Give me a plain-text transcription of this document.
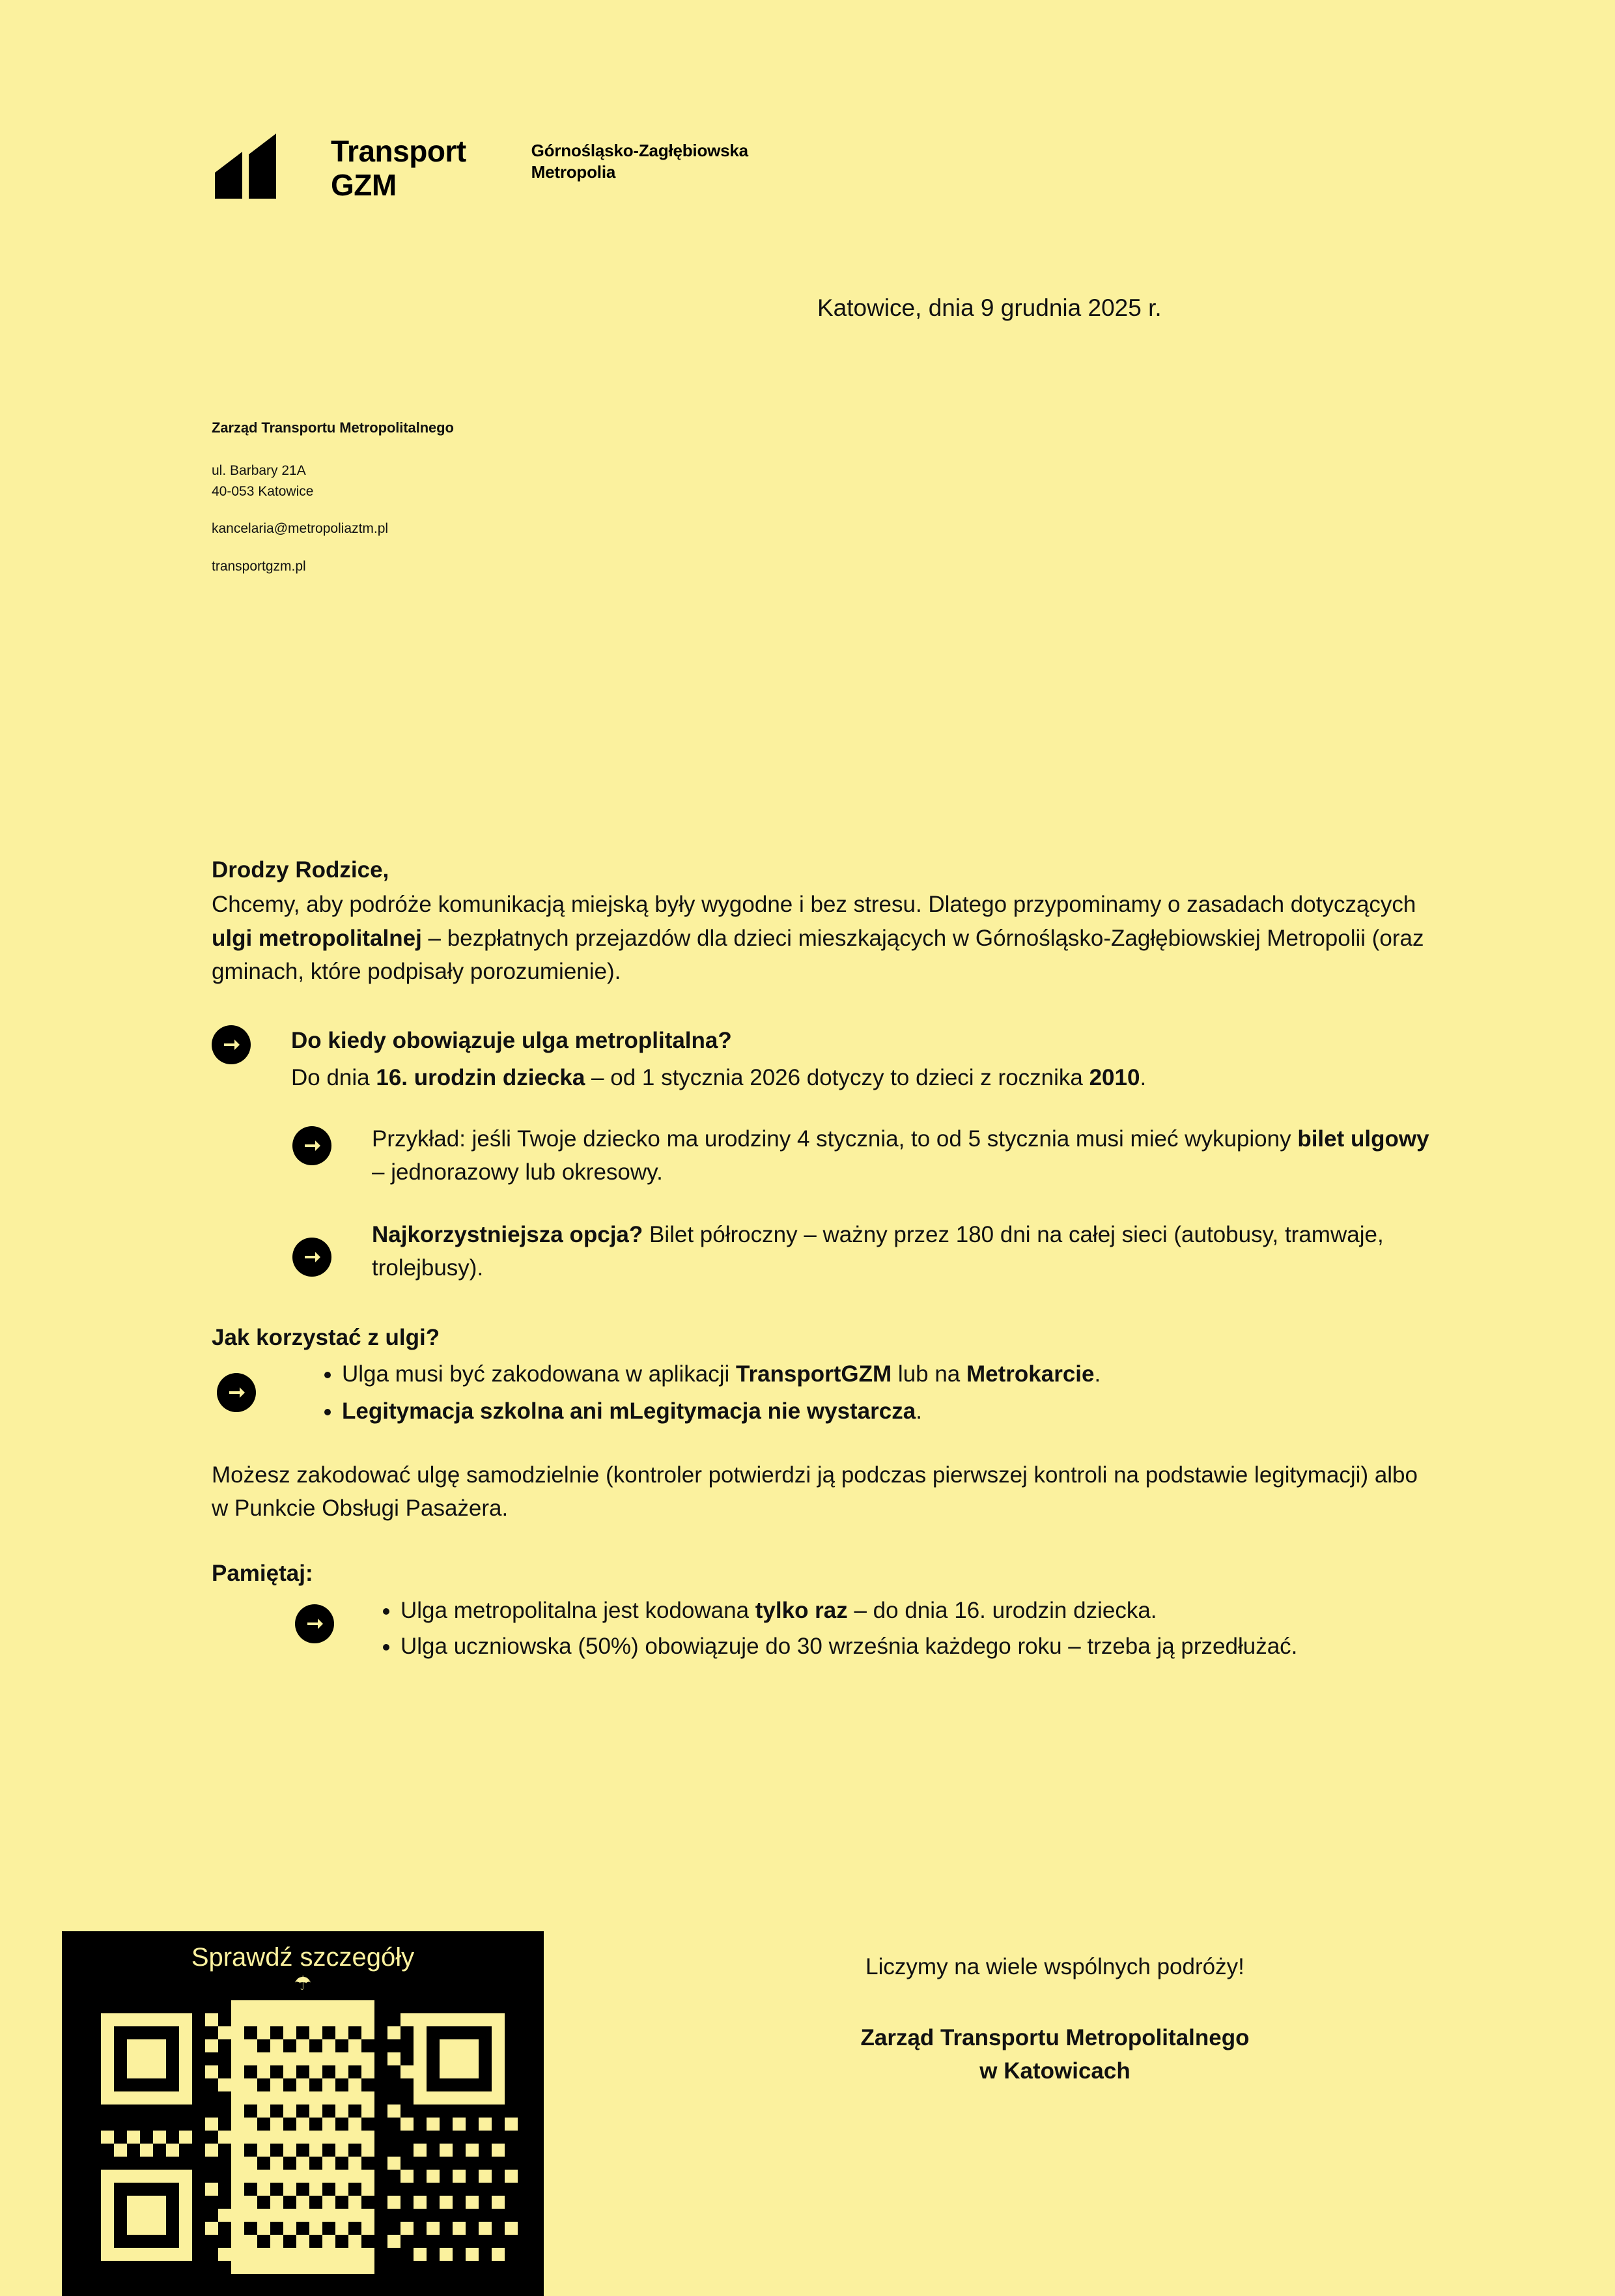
Transport
GZM
Górnośląsko-Zagłębiowska
Metropolia
Katowice, dnia 9 grudnia 2025 r.
Zarząd Transportu Metropolitalnego
ul. Barbary 21A
40-053 Katowice
kancelaria@metropoliaztm.pl
transportgzm.pl
Drodzy Rodzice,

Chcemy, aby podróże komunikacją miejską były wygodne i bez stresu. Dlatego przypominamy o zasadach dotyczących ulgi metropolitalnej – bezpłatnych przejazdów dla dzieci mieszkających w Górnośląsko-Zagłębiowskiej Metropolii (oraz gminach, które podpisały porozumienie).

Do kiedy obowiązuje ulga metroplitalna?
Do dnia 16. urodzin dziecka – od 1 stycznia 2026 dotyczy to dzieci z rocznika 2010.
Przykład: jeśli Twoje dziecko ma urodziny 4 stycznia, to od 5 stycznia musi mieć wykupiony bilet ulgowy – jednorazowy lub okresowy.
Najkorzystniejsza opcja? Bilet półroczny – ważny przez 180 dni na całej sieci (autobusy, tramwaje, trolejbusy).
Jak korzystać z ulgi?
• Ulga musi być zakodowana w aplikacji TransportGZM lub na Metrokarcie.
• Legitymacja szkolna ani mLegitymacja nie wystarcza.

Możesz zakodować ulgę samodzielnie (kontroler potwierdzi ją podczas pierwszej kontroli na podstawie legitymacji) albo w Punkcie Obsługi Pasażera.

Pamiętaj:
• Ulga metropolitalna jest kodowana tylko raz – do dnia 16. urodzin dziecka.
• Ulga uczniowska (50%) obowiązuje do 30 września każdego roku – trzeba ją przedłużać.
Liczymy na wiele wspólnych podróży!
Zarząd Transportu Metropolitalnego
w Katowicach
Sprawdź szczegóły
☂
